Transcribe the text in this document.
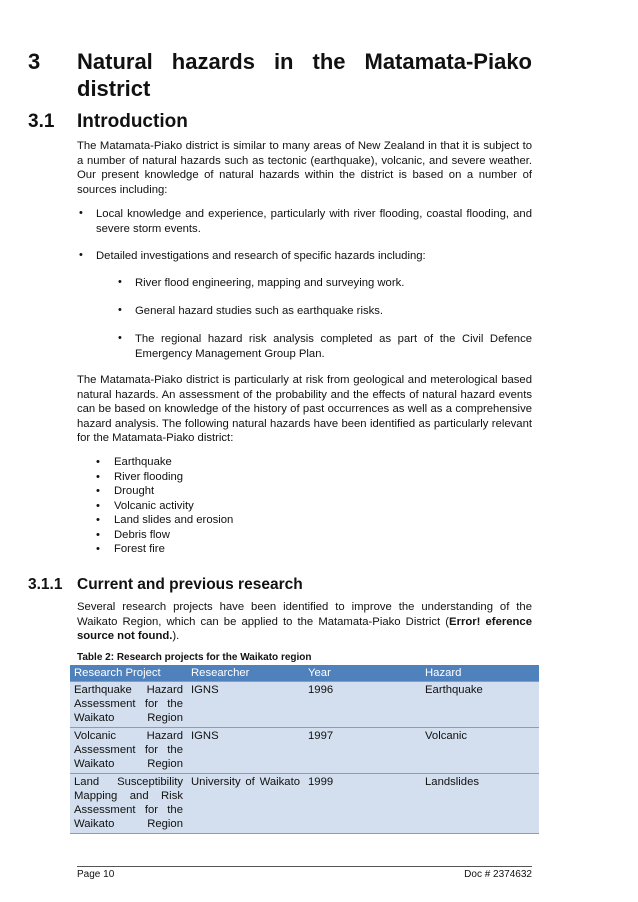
3 Natural hazards in the Matamata-Piako
district
3.1 Introduction
The Matamata-Piako district is similar to many areas of New Zealand in that it is subject to a number of natural hazards such as tectonic (earthquake), volcanic, and severe weather. Our present knowledge of natural hazards within the district is based on a number of sources including:
• Local knowledge and experience, particularly with river flooding, coastal flooding, and severe storm events.
• Detailed investigations and research of specific hazards including:
• River flood engineering, mapping and surveying work.
• General hazard studies such as earthquake risks.
• The regional hazard risk analysis completed as part of the Civil Defence Emergency Management Group Plan.
The Matamata-Piako district is particularly at risk from geological and meterological based natural hazards. An assessment of the probability and the effects of natural hazard events can be based on knowledge of the history of past occurrences as well as a comprehensive hazard analysis. The following natural hazards have been identified as particularly relevant for the Matamata-Piako district:
• Earthquake
• River flooding
• Drought
• Volcanic activity
• Land slides and erosion
• Debris flow
• Forest fire
3.1.1 Current and previous research
Several research projects have been identified to improve the understanding of the Waikato Region, which can be applied to the Matamata-Piako District (Error! eference source not found.).
Table 2: Research projects for the Waikato region
Research Project	Researcher	Year	Hazard
Earthquake Hazard Assessment for the Waikato Region	IGNS	1996	Earthquake
Volcanic Hazard Assessment for the Waikato Region	IGNS	1997	Volcanic
Land Susceptibility Mapping and Risk Assessment for the Waikato Region	University of Waikato	1999	Landslides
Page 10	Doc # 2374632
